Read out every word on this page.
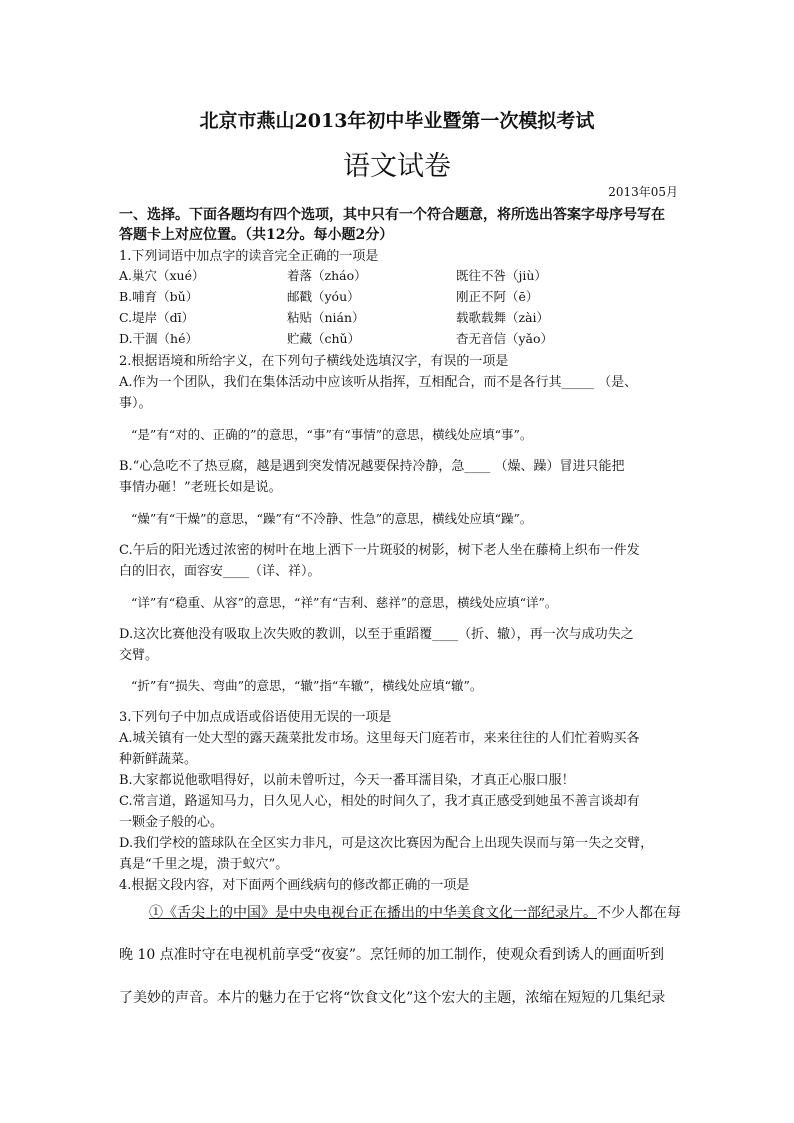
北京市燕山2013年初中毕业暨第一次模拟考试
语文试卷
2013年05月
一、选择。下面各题均有四个选项，其中只有一个符合题意，将所选出答案字母序号写在
答题卡上对应位置。（共12分。每小题2分）
1.下列词语中加点字的读音完全正确的一项是
A.巢穴（xué）	着落（zháo）	既往不咎（jiù）
B.哺育（bǔ）	邮戳（yóu）	刚正不阿（ē）
C.堤岸（dī）	粘贴（nián）	载歌载舞（zài）
D.干涸（hé）	贮藏（chǔ）	杳无音信（yǎo）
2.根据语境和所给字义，在下列句子横线处选填汉字，有误的一项是
A.作为一个团队，我们在集体活动中应该听从指挥，互相配合，而不是各行其_____ （是、
事）。
“是”有“对的、正确的”的意思，“事”有“事情”的意思，横线处应填“事”。
B.“心急吃不了热豆腐，越是遇到突发情况越要保持冷静，急____ （燥、躁）冒进只能把
事情办砸！”老班长如是说。
“燥”有“干燥”的意思，“躁”有“不冷静、性急”的意思，横线处应填“躁”。
C.午后的阳光透过浓密的树叶在地上洒下一片斑驳的树影，树下老人坐在藤椅上织布一件发
白的旧衣，面容安____（详、祥）。
“详”有“稳重、从容”的意思，“祥”有“吉利、慈祥”的意思，横线处应填“详”。
D.这次比赛他没有吸取上次失败的教训，以至于重蹈覆____（折、辙），再一次与成功失之
交臂。
“折”有“损失、弯曲”的意思，“辙”指“车辙”，横线处应填“辙”。
3.下列句子中加点成语或俗语使用无误的一项是
A.城关镇有一处大型的露天蔬菜批发市场。这里每天门庭若市，来来往往的人们忙着购买各
种新鲜蔬菜。
B.大家都说他歌唱得好，以前未曾听过，今天一番耳濡目染，才真正心服口服！
C.常言道，路遥知马力，日久见人心，相处的时间久了，我才真正感受到她虽不善言谈却有
一颗金子般的心。
D.我们学校的篮球队在全区实力非凡，可是这次比赛因为配合上出现失误而与第一失之交臂，
真是“千里之堤，溃于蚁穴”。
4.根据文段内容，对下面两个画线病句的修改都正确的一项是
①《舌尖上的中国》是中央电视台正在播出的中华美食文化一部纪录片。不少人都在每
晚 10 点准时守在电视机前享受“夜宴”。烹饪师的加工制作，使观众看到诱人的画面听到
了美妙的声音。本片的魅力在于它将“饮食文化”这个宏大的主题，浓缩在短短的几集纪录
